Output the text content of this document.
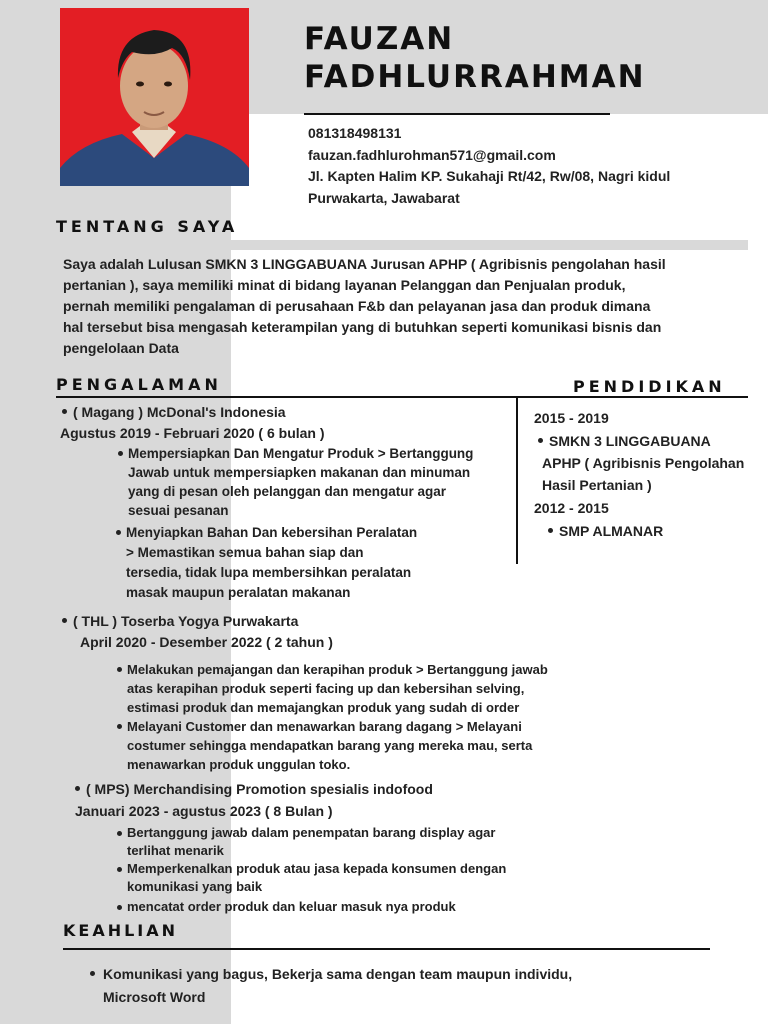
FAUZAN
FADHLURRAHMAN
081318498131
fauzan.fadhlurohman571@gmail.com
Jl. Kapten Halim KP. Sukahaji Rt/42, Rw/08, Nagri kidul
Purwakarta, Jawabarat
TENTANG SAYA
Saya adalah Lulusan SMKN 3 LINGGABUANA Jurusan APHP ( Agribisnis pengolahan hasil
pertanian ), saya memiliki minat di bidang layanan Pelanggan dan Penjualan produk,
pernah memiliki pengalaman di perusahaan F&b dan pelayanan jasa dan produk dimana
hal tersebut bisa mengasah keterampilan yang di butuhkan seperti komunikasi bisnis dan
pengelolaan Data
PENGALAMAN	PENDIDIKAN
( Magang ) McDonal's Indonesia
Agustus 2019 - Februari 2020 ( 6 bulan )
Mempersiapkan Dan Mengatur Produk > Bertanggung
Jawab untuk mempersiapken makanan dan minuman
yang di pesan oleh pelanggan dan mengatur agar
sesuai pesanan
Menyiapkan Bahan Dan kebersihan Peralatan
> Memastikan semua bahan siap dan
tersedia, tidak lupa membersihkan peralatan
masak maupun peralatan makanan
( THL ) Toserba Yogya Purwakarta
April 2020 - Desember 2022 ( 2 tahun )
Melakukan pemajangan dan kerapihan produk > Bertanggung jawab
atas kerapihan produk seperti facing up dan kebersihan selving,
estimasi produk dan memajangkan produk yang sudah di order
Melayani Customer dan menawarkan barang dagang > Melayani
costumer sehingga mendapatkan barang yang mereka mau, serta
menawarkan produk unggulan toko.
( MPS) Merchandising Promotion spesialis indofood
Januari 2023 - agustus 2023 ( 8 Bulan )
Bertanggung jawab dalam penempatan barang display agar
terlihat menarik
Memperkenalkan produk atau jasa kepada konsumen dengan
komunikasi yang baik
mencatat order produk dan keluar masuk nya produk
2015 - 2019
SMKN 3 LINGGABUANA
APHP ( Agribisnis Pengolahan
Hasil Pertanian )
2012 - 2015
SMP ALMANAR
KEAHLIAN
Komunikasi yang bagus, Bekerja sama dengan team maupun individu,
Microsoft Word
